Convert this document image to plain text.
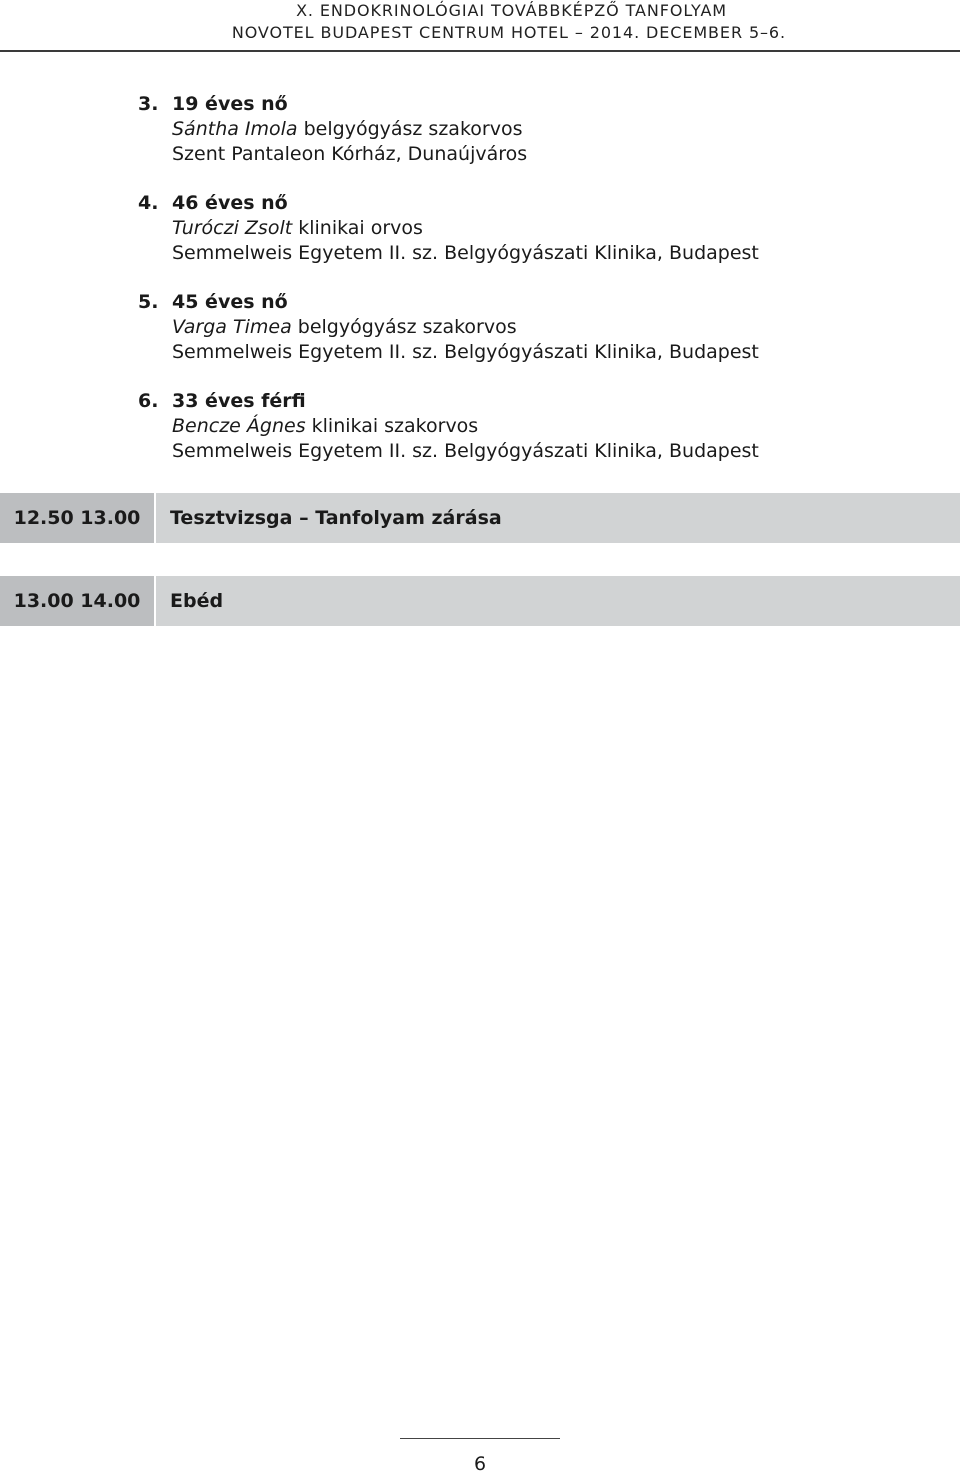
X. ENDOKRINOLÓGIAI TOVÁBBKÉPZŐ TANFOLYAM
NOVOTEL BUDAPEST CENTRUM HOTEL – 2014. DECEMBER 5–6.
3. 19 éves nő
Sántha Imola belgyógyász szakorvos
Szent Pantaleon Kórház, Dunaújváros
4. 46 éves nő
Turóczi Zsolt klinikai orvos
Semmelweis Egyetem II. sz. Belgyógyászati Klinika, Budapest
5. 45 éves nő
Varga Timea belgyógyász szakorvos
Semmelweis Egyetem II. sz. Belgyógyászati Klinika, Budapest
6. 33 éves férfi
Bencze Ágnes klinikai szakorvos
Semmelweis Egyetem II. sz. Belgyógyászati Klinika, Budapest
12.50 13.00	Tesztvizsga – Tanfolyam zárása
13.00 14.00	Ebéd
6
